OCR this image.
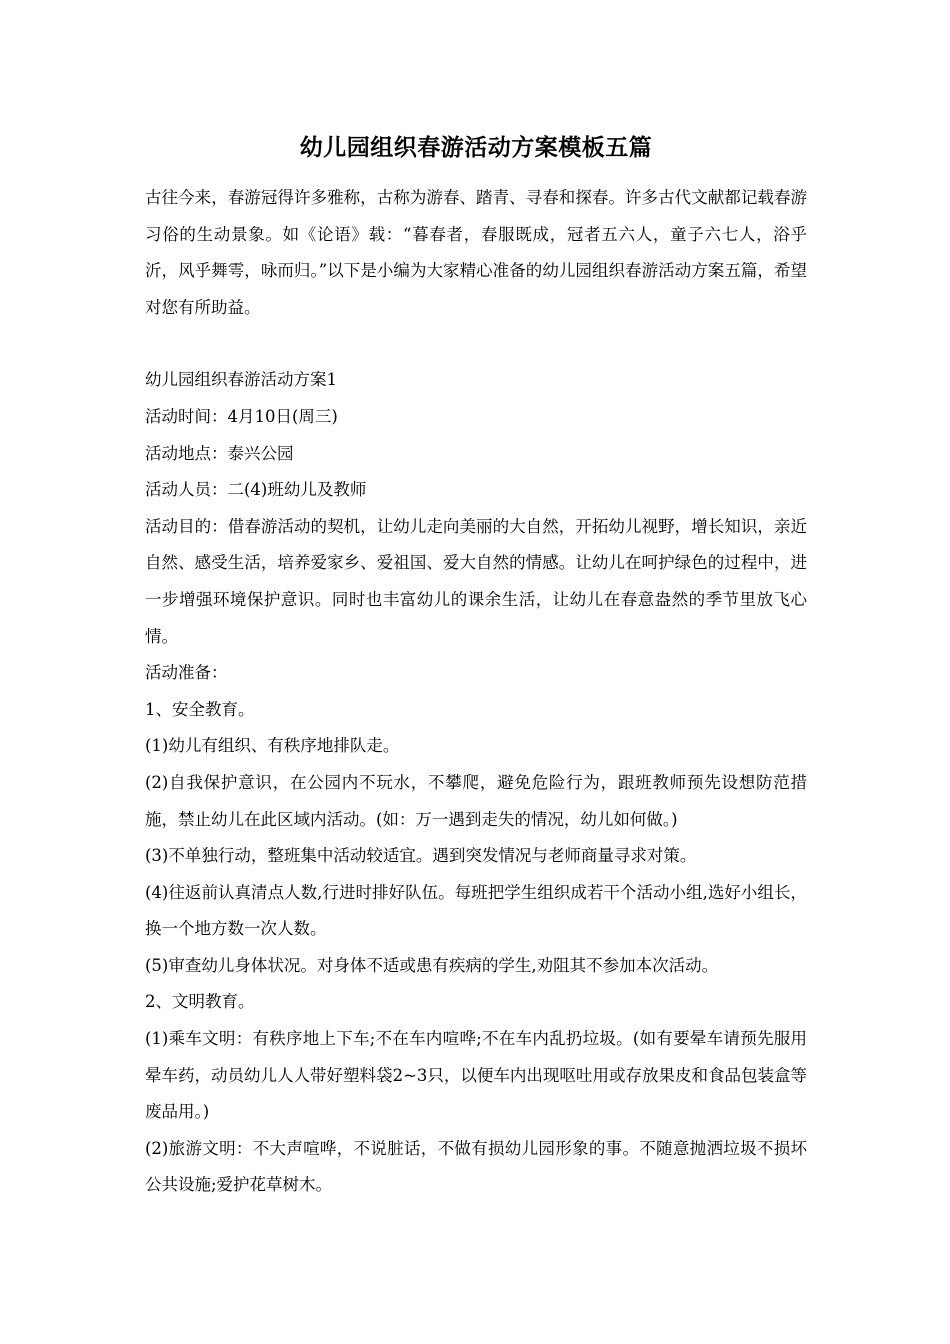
幼儿园组织春游活动方案模板五篇

古往今来，春游冠得许多雅称，古称为游春、踏青、寻春和探春。许多古代文献都记载春游习俗的生动景象。如《论语》载：“暮春者，春服既成，冠者五六人，童子六七人，浴乎沂，风乎舞雩，咏而归。”以下是小编为大家精心准备的幼儿园组织春游活动方案五篇，希望对您有所助益。

幼儿园组织春游活动方案1

活动时间：4月10日(周三)

活动地点：泰兴公园

活动人员：二(4)班幼儿及教师

活动目的：借春游活动的契机，让幼儿走向美丽的大自然，开拓幼儿视野，增长知识，亲近自然、感受生活，培养爱家乡、爱祖国、爱大自然的情感。让幼儿在呵护绿色的过程中，进一步增强环境保护意识。同时也丰富幼儿的课余生活，让幼儿在春意盎然的季节里放飞心情。

活动准备：

1、安全教育。

(1)幼儿有组织、有秩序地排队走。

(2)自我保护意识，在公园内不玩水，不攀爬，避免危险行为，跟班教师预先设想防范措施，禁止幼儿在此区域内活动。(如：万一遇到走失的情况，幼儿如何做。)

(3)不单独行动，整班集中活动较适宜。遇到突发情况与老师商量寻求对策。

(4)往返前认真清点人数,行进时排好队伍。每班把学生组织成若干个活动小组,选好小组长，换一个地方数一次人数。

(5)审查幼儿身体状况。对身体不适或患有疾病的学生,劝阻其不参加本次活动。

2、文明教育。

(1)乘车文明：有秩序地上下车;不在车内喧哗;不在车内乱扔垃圾。(如有要晕车请预先服用晕车药，动员幼儿人人带好塑料袋2~3只，以便车内出现呕吐用或存放果皮和食品包装盒等废品用。)

(2)旅游文明：不大声喧哗，不说脏话，不做有损幼儿园形象的事。不随意抛洒垃圾不损坏公共设施;爱护花草树木。
